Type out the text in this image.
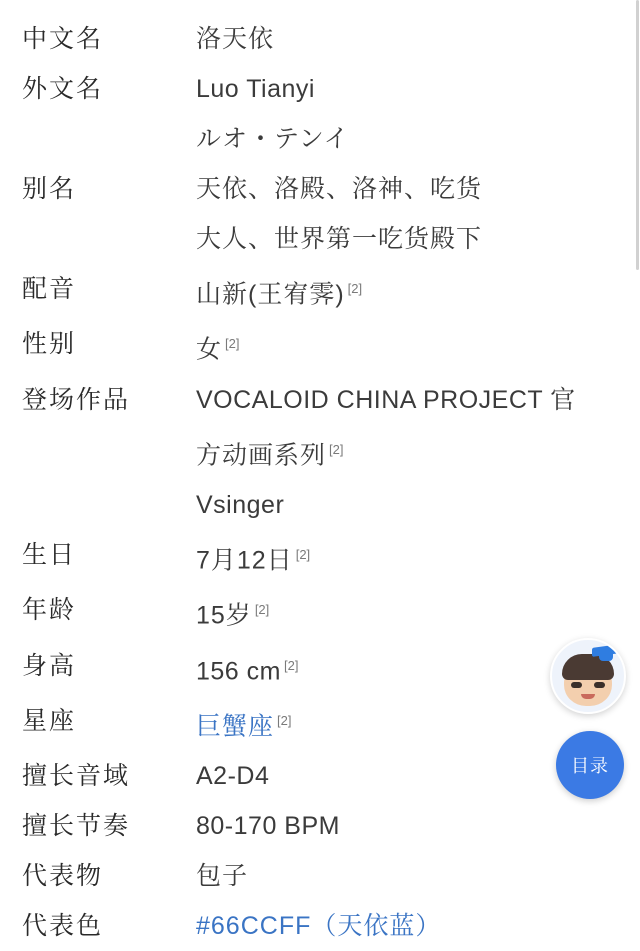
中文名	洛天依
外文名	Luo Tianyi
ルオ・テンイ
别名	天依、洛殿、洛神、吃货
大人、世界第一吃货殿下
配音	山新(王宥霁) [2]
性别	女 [2]
登场作品	VOCALOID CHINA PROJECT 官
方动画系列 [2]
Vsinger
生日	7月12日 [2]
年龄	15岁 [2]
身高	156 cm [2]
星座	巨蟹座 [2]
擅长音域	A2-D4
擅长节奏	80-170 BPM
代表物	包子
代表色	#66CCFF（天依蓝）
目录
